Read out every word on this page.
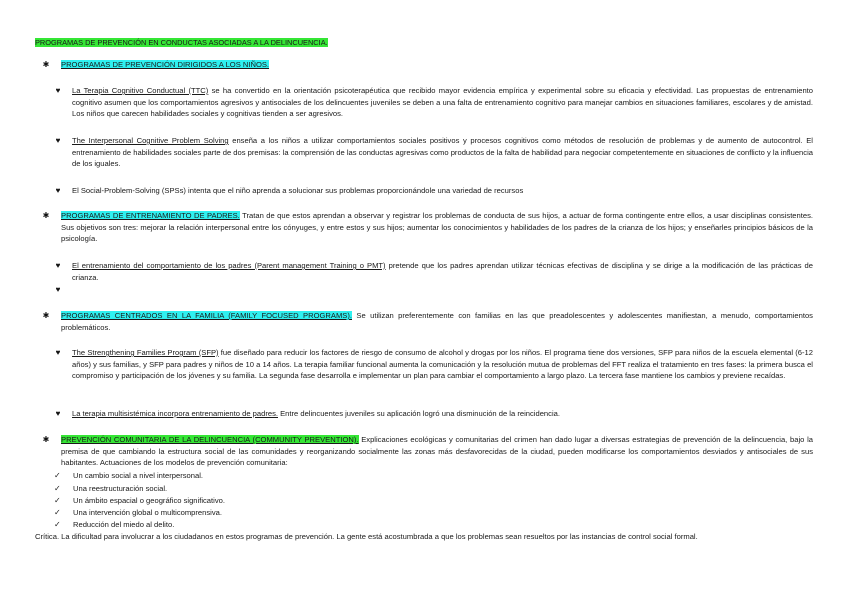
PROGRAMAS DE PREVENCIÓN EN CONDUCTAS ASOCIADAS A LA DELINCUENCIA.
✱ PROGRAMAS DE PREVENCIÓN DIRIGIDOS A LOS NIÑOS.
♥	La Terapia Cognitivo Conductual (TTC) se ha convertido en la orientación psicoterapéutica que recibido mayor evidencia empírica y experimental sobre su eficacia y efectividad. Las propuestas de entrenamiento cognitivo asumen que los comportamientos agresivos y antisociales de los delincuentes juveniles se deben a una falta de entrenamiento cognitivo para manejar cambios en situaciones familiares, escolares y de amistad. Los niños que carecen habilidades sociales y cognitivas tienden a ser agresivos.
♥	The Interpersonal Cognitive Problem Solving enseña a los niños a utilizar comportamientos sociales positivos y procesos cognitivos como métodos de resolución de problemas y de aumento de autocontrol. El entrenamiento de habilidades sociales parte de dos premisas: la comprensión de las conductas agresivas como productos de la falta de habilidad para negociar competentemente en situaciones de conflicto y la influencia de los iguales.
♥	El Social-Problem-Solving (SPSs) intenta que el niño aprenda a solucionar sus problemas proporcionándole una variedad de recursos
✱ PROGRAMAS DE ENTRENAMIENTO DE PADRES. Tratan de que estos aprendan a observar y registrar los problemas de conducta de sus hijos, a actuar de forma contingente entre ellos, a usar disciplinas consistentes. Sus objetivos son tres: mejorar la relación interpersonal entre los cónyuges, y entre estos y sus hijos; aumentar los conocimientos y habilidades de los padres de la crianza de los hijos; y enseñarles principios básicos de la psicología.
♥	El entrenamiento del comportamiento de los padres (Parent management Training o PMT) pretende que los padres aprendan utilizar técnicas efectivas de disciplina y se dirige a la modificación de las prácticas de crianza.
♥
✱ PROGRAMAS CENTRADOS EN LA FAMILIA (FAMILY FOCUSED PROGRAMS). Se utilizan preferentemente con familias en las que preadolescentes y adolescentes manifiestan, a menudo, comportamientos problemáticos.
♥	The Strengthening Families Program (SFP) fue diseñado para reducir los factores de riesgo de consumo de alcohol y drogas por los niños. El programa tiene dos versiones, SFP para niños de la escuela elemental (6-12 años) y sus familias, y SFP para padres y niños de 10 a 14 años. La terapia familiar funcional aumenta la comunicación y la resolución mutua de problemas del FFT realiza el tratamiento en tres fases: la primera busca el compromiso y participación de los jóvenes y su familia. La segunda fase desarrolla e implementar un plan para cambiar el comportamiento a largo plazo. La tercera fase mantiene los cambios y previene recaídas.
♥	La terapia multisistémica incorpora entrenamiento de padres. Entre delincuentes juveniles su aplicación logró una disminución de la reincidencia.
✱ PREVENCIÓN COMUNITARIA DE LA DELINCUENCIA (COMMUNITY PREVENTION). Explicaciones ecológicas y comunitarias del crimen han dado lugar a diversas estrategias de prevención de la delincuencia, bajo la premisa de que cambiando la estructura social de las comunidades y reorganizando socialmente las zonas más desfavorecidas de la ciudad, pueden modificarse los comportamientos desviados y antisociales de sus habitantes. Actuaciones de los modelos de prevención comunitaria:
✓ Un cambio social a nivel interpersonal.
✓ Una reestructuración social.
✓ Un ámbito espacial o geográfico significativo.
✓ Una intervención global o multicomprensiva.
✓ Reducción del miedo al delito.
Crítica. La dificultad para involucrar a los ciudadanos en estos programas de prevención. La gente está acostumbrada a que los problemas sean resueltos por las instancias de control social formal.
